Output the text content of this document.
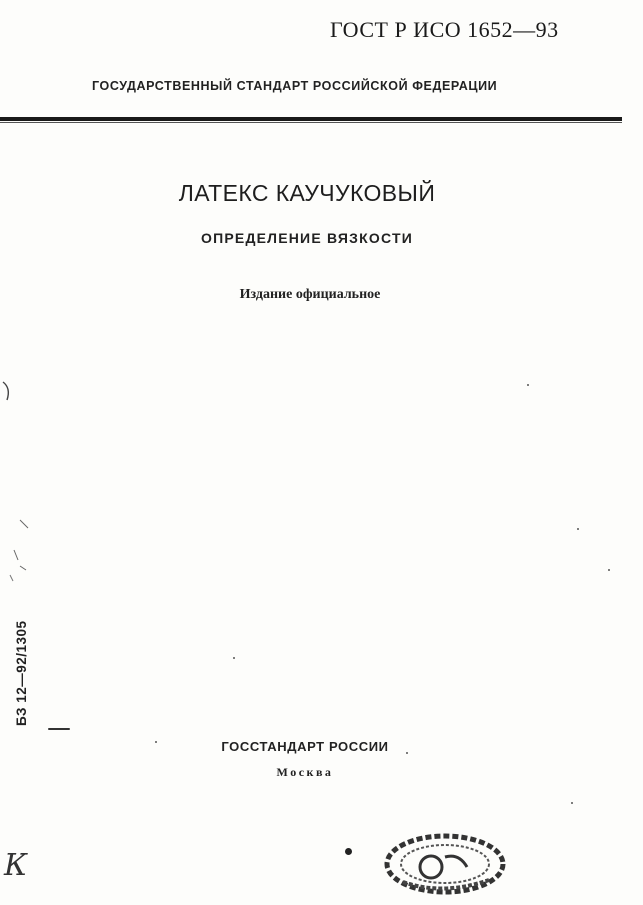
ГОСТ Р ИСО 1652—93
ГОСУДАРСТВЕННЫЙ СТАНДАРТ РОССИЙСКОЙ ФЕДЕРАЦИИ
ЛАТЕКС КАУЧУКОВЫЙ
ОПРЕДЕЛЕНИЕ ВЯЗКОСТИ
Издание официальное
БЗ 12—92/1305
ГОССТАНДАРТ РОССИИ
Москва
К
